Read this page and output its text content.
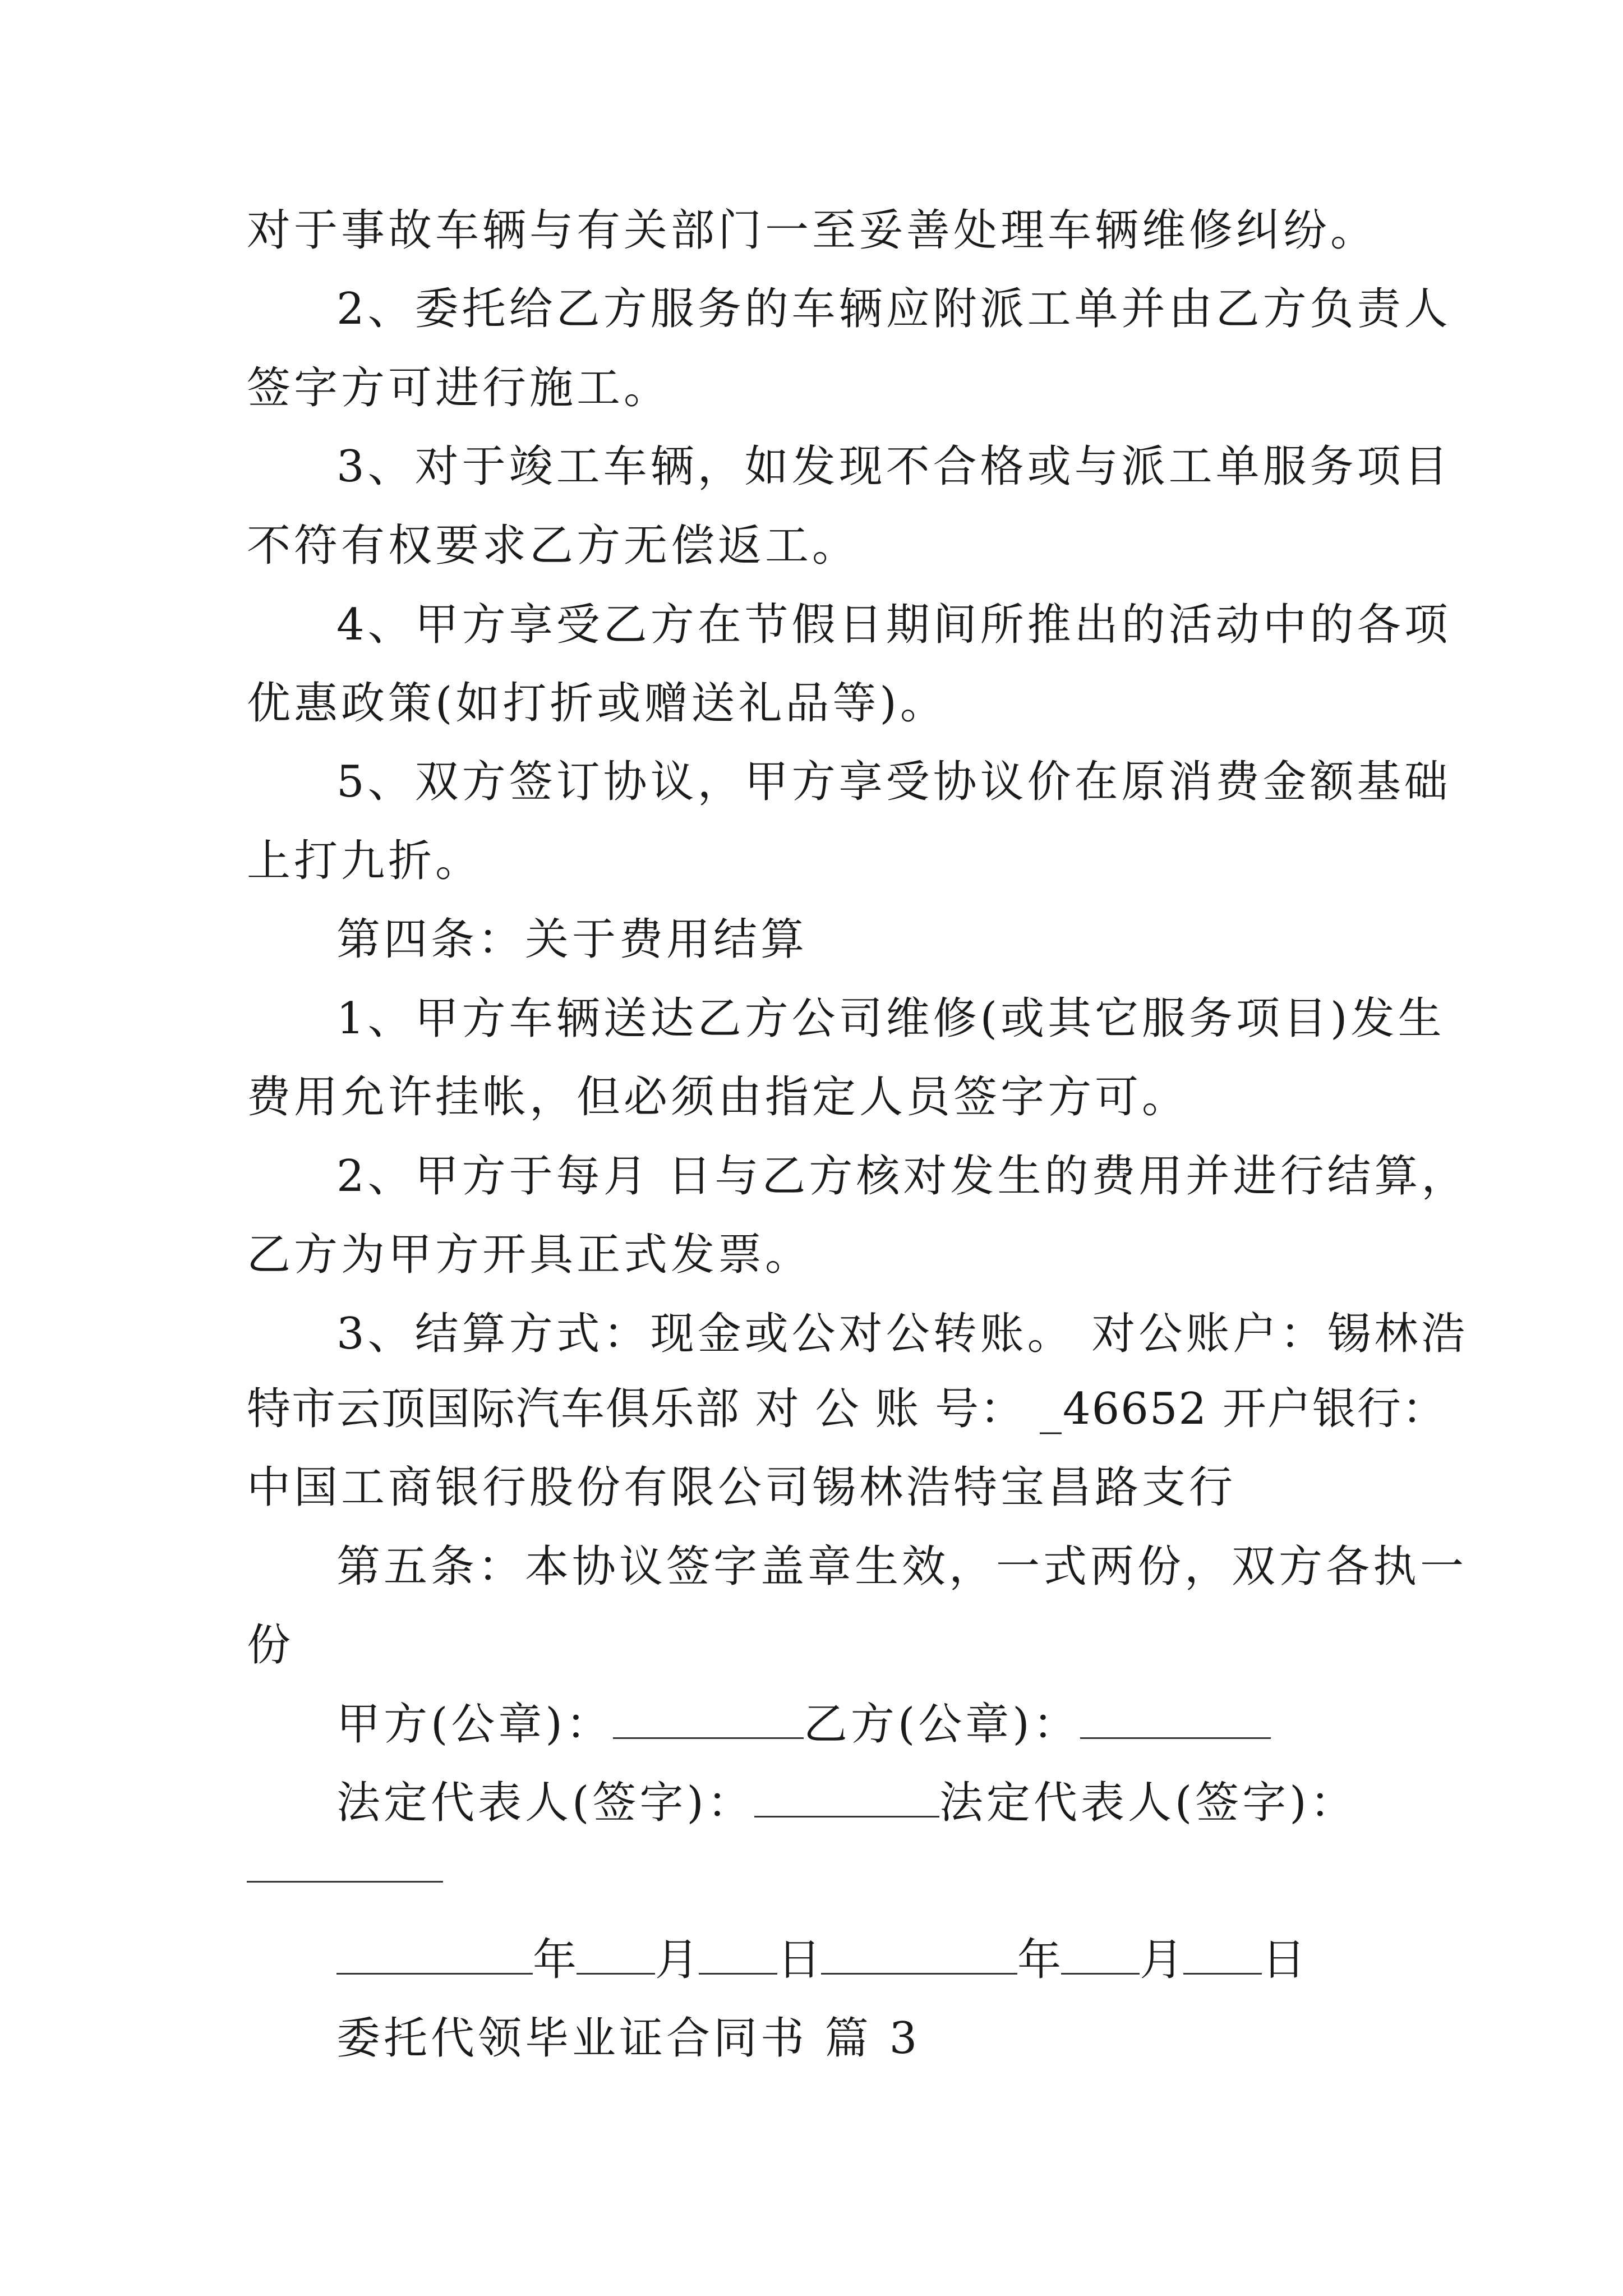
对于事故车辆与有关部门一至妥善处理车辆维修纠纷。

2、委托给乙方服务的车辆应附派工单并由乙方负责人

签字方可进行施工。

3、对于竣工车辆，如发现不合格或与派工单服务项目

不符有权要求乙方无偿返工。

4、甲方享受乙方在节假日期间所推出的活动中的各项

优惠政策(如打折或赠送礼品等)。

5、双方签订协议，甲方享受协议价在原消费金额基础

上打九折。

第四条：关于费用结算

1、甲方车辆送达乙方公司维修(或其它服务项目)发生

费用允许挂帐，但必须由指定人员签字方可。

2、甲方于每月 日与乙方核对发生的费用并进行结算，

乙方为甲方开具正式发票。

3、结算方式：现金或公对公转账。 对公账户：锡林浩

特市云顶国际汽车俱乐部 对 公 账 号： _46652 开户银行：

中国工商银行股份有限公司锡林浩特宝昌路支行

第五条：本协议签字盖章生效，一式两份，双方各执一

份

甲方(公章)：	乙方(公章)：

法定代表人(签字)：	法定代表人(签字)：

年 月 日	年 月 日

委托代领毕业证合同书 篇 3
